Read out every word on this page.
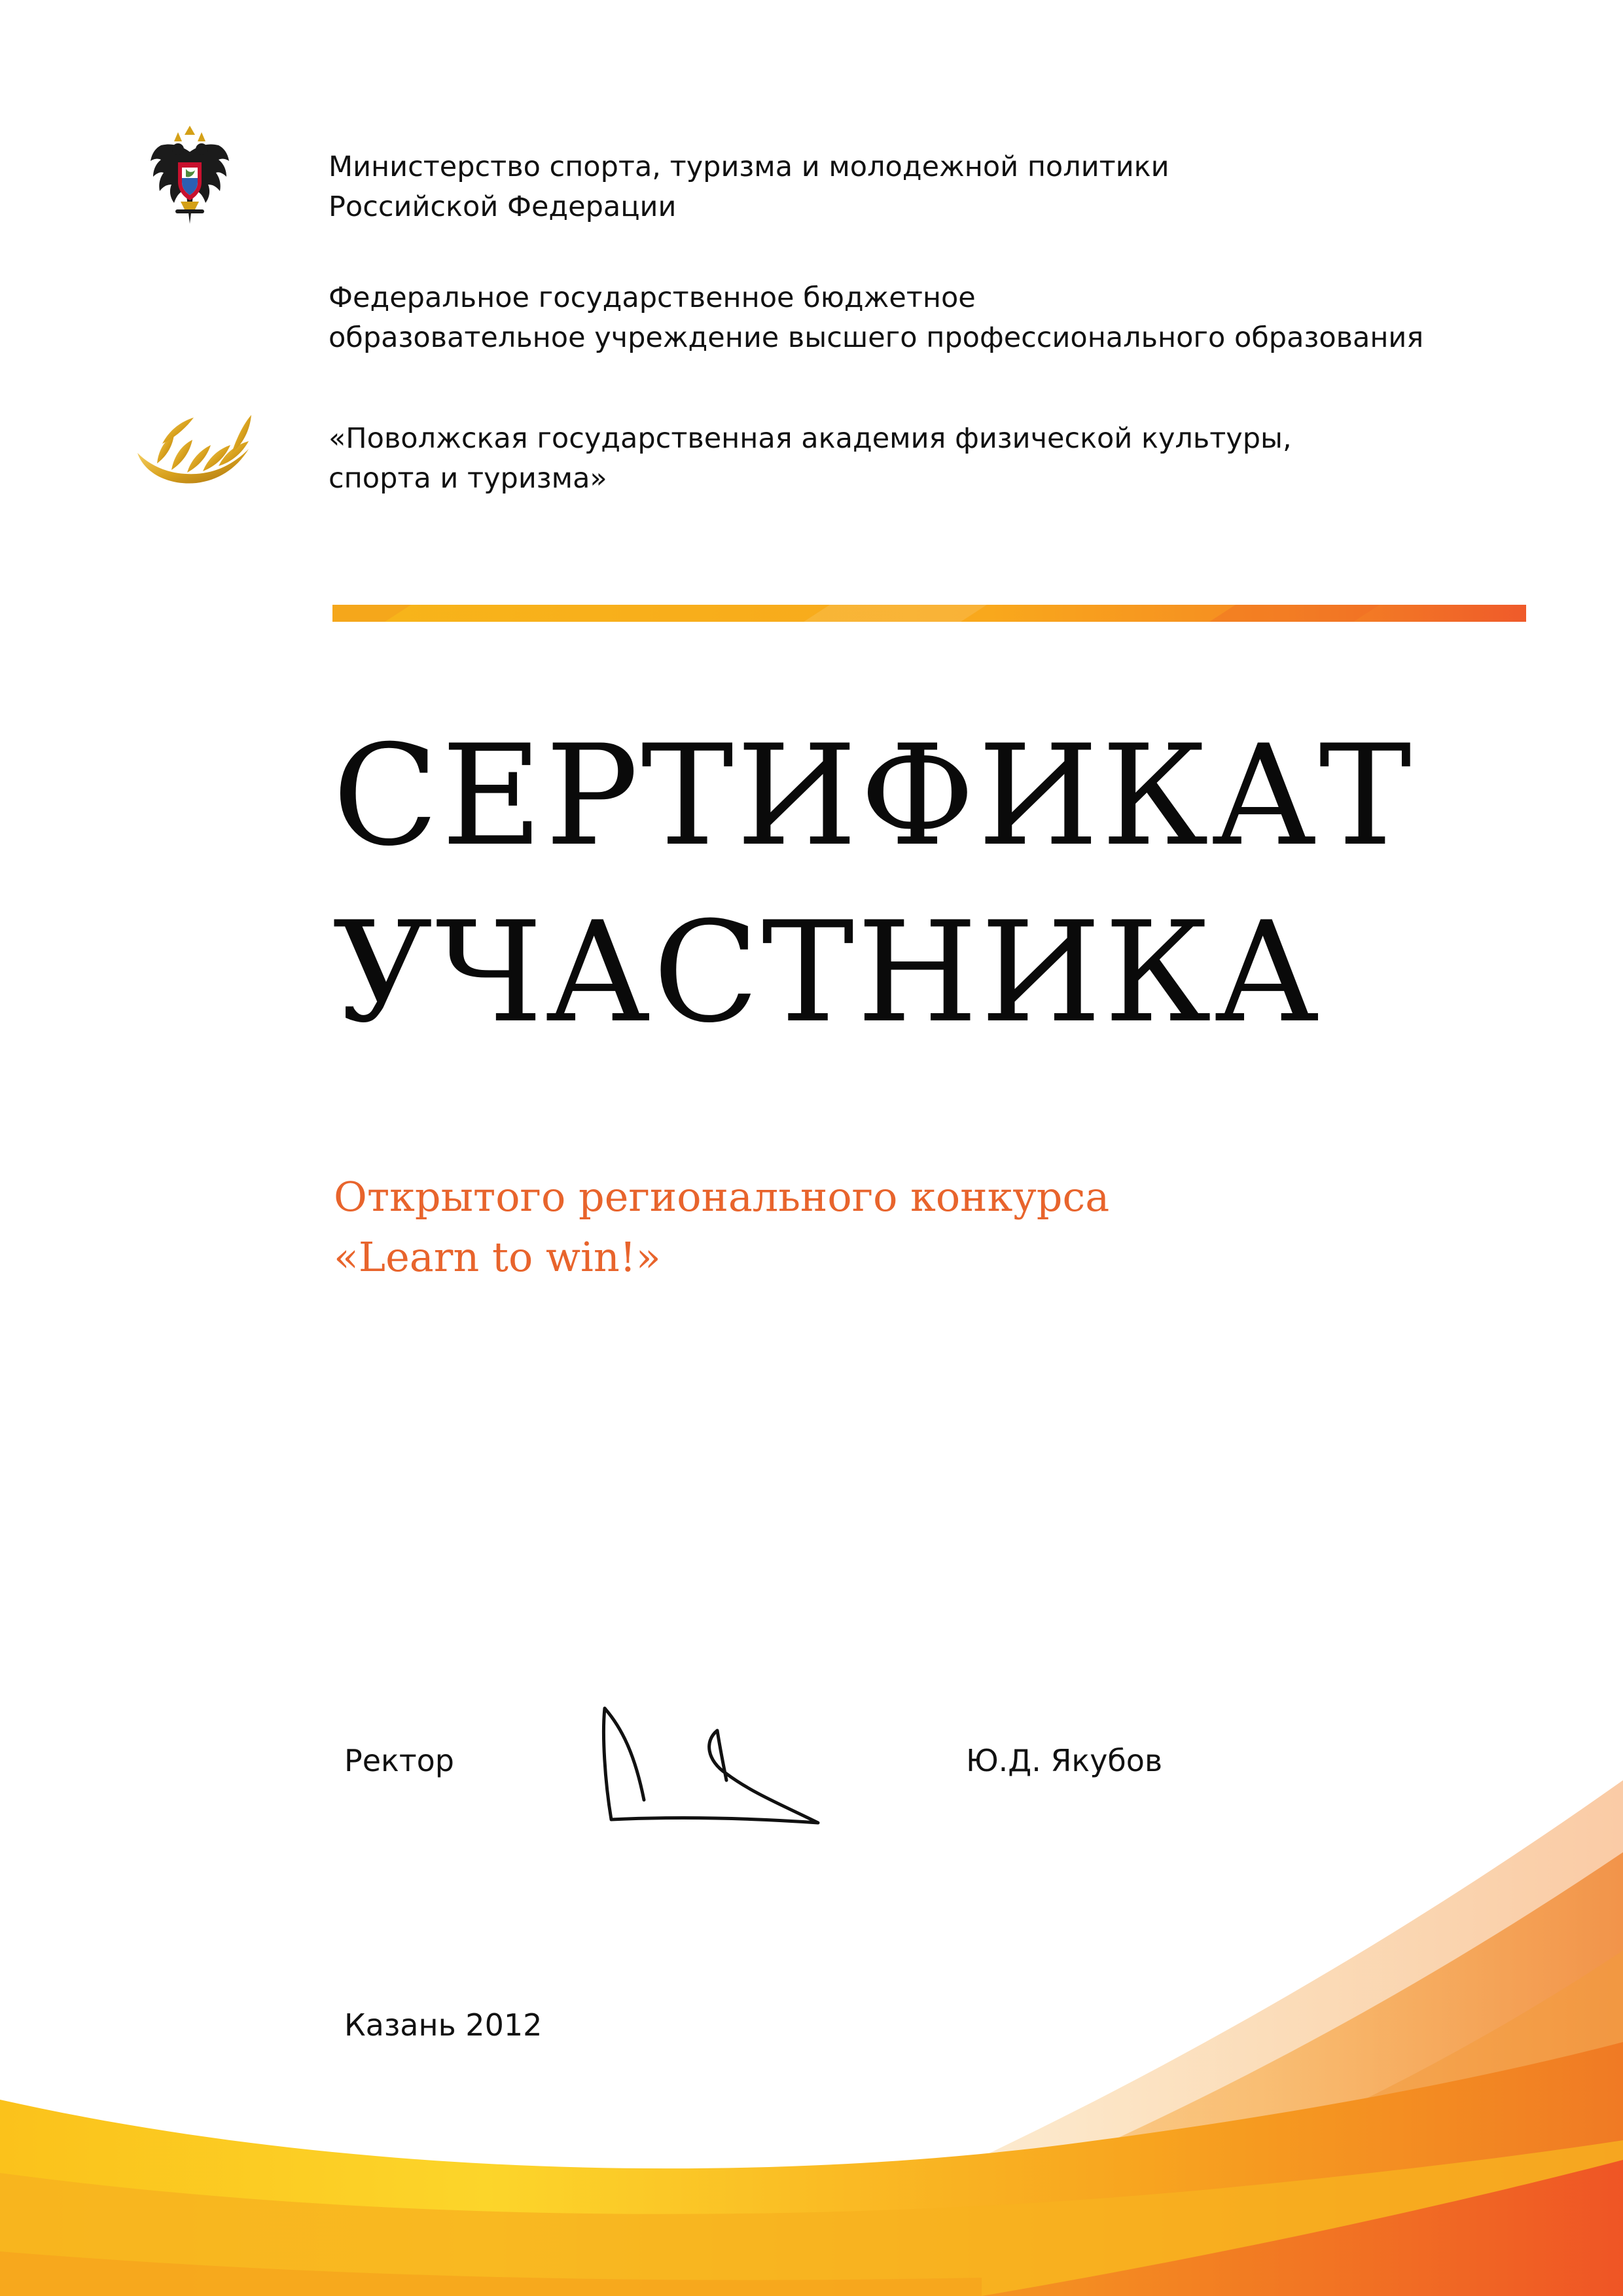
Министерство спорта, туризма и молодежной политики
Российской Федерации
Федеральное государственное бюджетное
образовательное учреждение высшего профессионального образования
«Поволжская государственная академия физической культуры,
спорта и туризма»
СЕРТИФИКАТ
УЧАСТНИКА
Открытого регионального конкурса
«Learn to win!»
Ректор	Ю.Д. Якубов
Казань 2012
